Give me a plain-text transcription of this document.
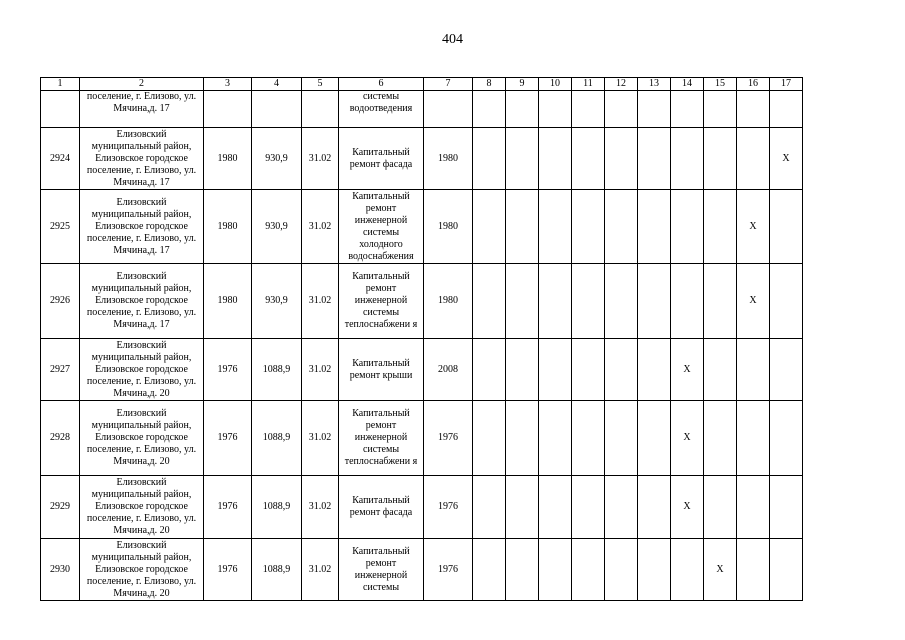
404
1	2	3	4	5	6	7	8	9	10	11	12	13	14	15	16	17
	поселение, г. Елизово, ул. Мячина,д. 17				системы водоотведения											
2924	Елизовский муниципальный район, Елизовское городское поселение, г. Елизово, ул. Мячина,д. 17	1980	930,9	31.02	Капитальный ремонт фасада	1980										X
2925	Елизовский муниципальный район, Елизовское городское поселение, г. Елизово, ул. Мячина,д. 17	1980	930,9	31.02	Капитальный ремонт инженерной системы холодного водоснабжения	1980									X	
2926	Елизовский муниципальный район, Елизовское городское поселение, г. Елизово, ул. Мячина,д. 17	1980	930,9	31.02	Капитальный ремонт инженерной системы теплоснабжени я	1980									X	
2927	Елизовский муниципальный район, Елизовское городское поселение, г. Елизово, ул. Мячина,д. 20	1976	1088,9	31.02	Капитальный ремонт крыши	2008							X			
2928	Елизовский муниципальный район, Елизовское городское поселение, г. Елизово, ул. Мячина,д. 20	1976	1088,9	31.02	Капитальный ремонт инженерной системы теплоснабжени я	1976							X			
2929	Елизовский муниципальный район, Елизовское городское поселение, г. Елизово, ул. Мячина,д. 20	1976	1088,9	31.02	Капитальный ремонт фасада	1976							X			
2930	Елизовский муниципальный район, Елизовское городское поселение, г. Елизово, ул. Мячина,д. 20	1976	1088,9	31.02	Капитальный ремонт инженерной системы	1976								X		
